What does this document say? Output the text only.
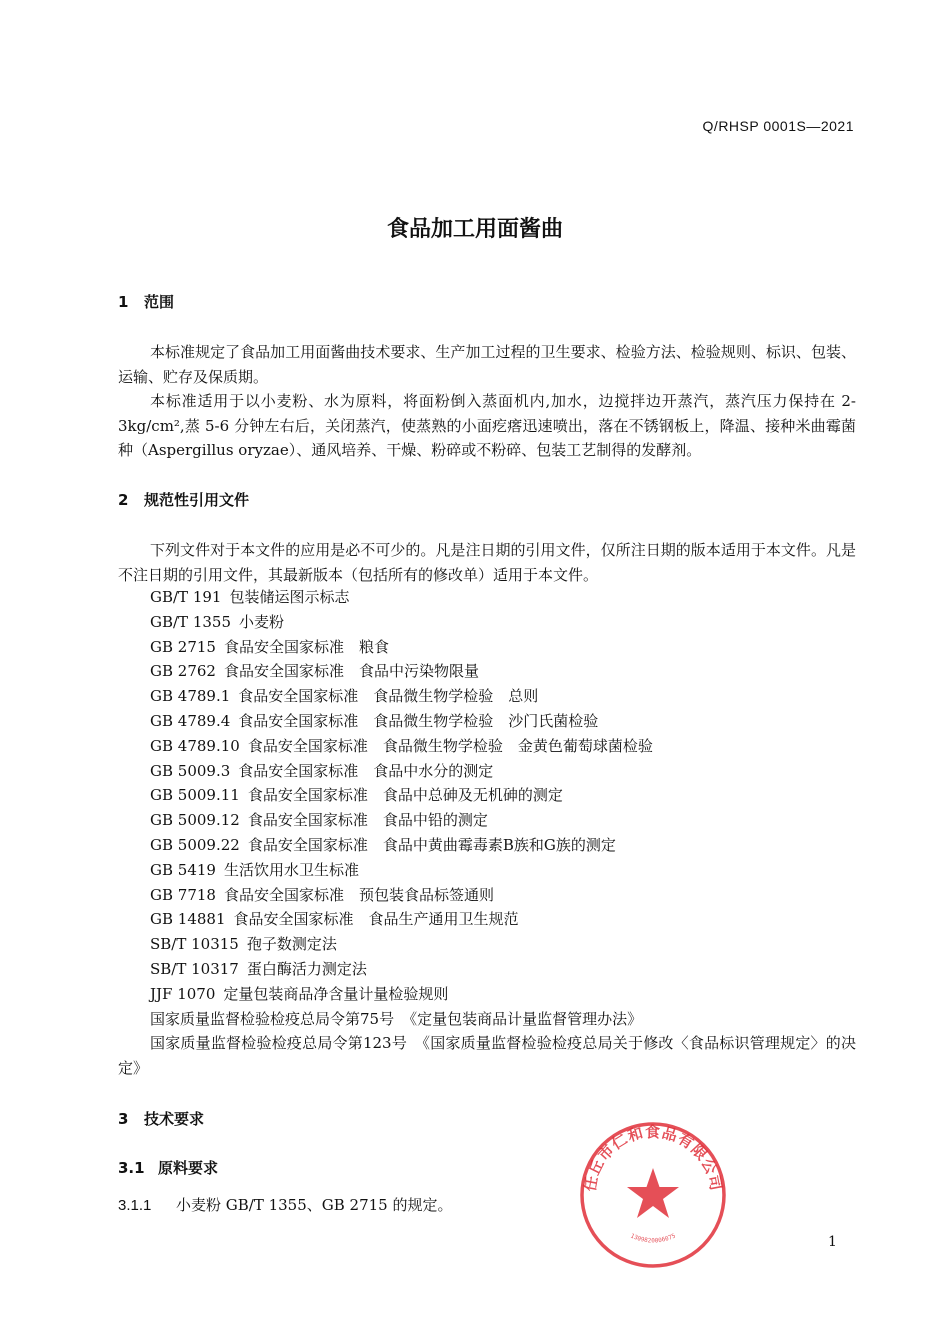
Q/RHSP 0001S—2021
食品加工用面酱曲
1 范围
本标准规定了食品加工用面酱曲技术要求、生产加工过程的卫生要求、检验方法、检验规则、标识、包装、运输、贮存及保质期。
本标准适用于以小麦粉、水为原料，将面粉倒入蒸面机内,加水，边搅拌边开蒸汽，蒸汽压力保持在 2-3kg/cm²,蒸 5-6 分钟左右后，关闭蒸汽，使蒸熟的小面疙瘩迅速喷出，落在不锈钢板上，降温、接种米曲霉菌种（Aspergillus oryzae）、通风培养、干燥、粉碎或不粉碎、包装工艺制得的发酵剂。
2 规范性引用文件
下列文件对于本文件的应用是必不可少的。凡是注日期的引用文件，仅所注日期的版本适用于本文件。凡是不注日期的引用文件，其最新版本（包括所有的修改单）适用于本文件。
GB/T 191 包装储运图示标志
GB/T 1355 小麦粉
GB 2715 食品安全国家标准　粮食
GB 2762 食品安全国家标准　食品中污染物限量
GB 4789.1 食品安全国家标准　食品微生物学检验　总则
GB 4789.4 食品安全国家标准　食品微生物学检验　沙门氏菌检验
GB 4789.10 食品安全国家标准　食品微生物学检验　金黄色葡萄球菌检验
GB 5009.3 食品安全国家标准　食品中水分的测定
GB 5009.11 食品安全国家标准　食品中总砷及无机砷的测定
GB 5009.12 食品安全国家标准　食品中铅的测定
GB 5009.22 食品安全国家标准　食品中黄曲霉毒素B族和G族的测定
GB 5419 生活饮用水卫生标准
GB 7718 食品安全国家标准　预包装食品标签通则
GB 14881 食品安全国家标准　食品生产通用卫生规范
SB/T 10315 孢子数测定法
SB/T 10317 蛋白酶活力测定法
JJF 1070 定量包装商品净含量计量检验规则
国家质量监督检验检疫总局令第75号 《定量包装商品计量监督管理办法》
国家质量监督检验检疫总局令第123号 《国家质量监督检验检疫总局关于修改〈食品标识管理规定〉的决定》
3 技术要求
3.1 原料要求
3.1.1 小麦粉 GB/T 1355、GB 2715 的规定。
任丘市仁和食品有限公司
1309820006075	1
